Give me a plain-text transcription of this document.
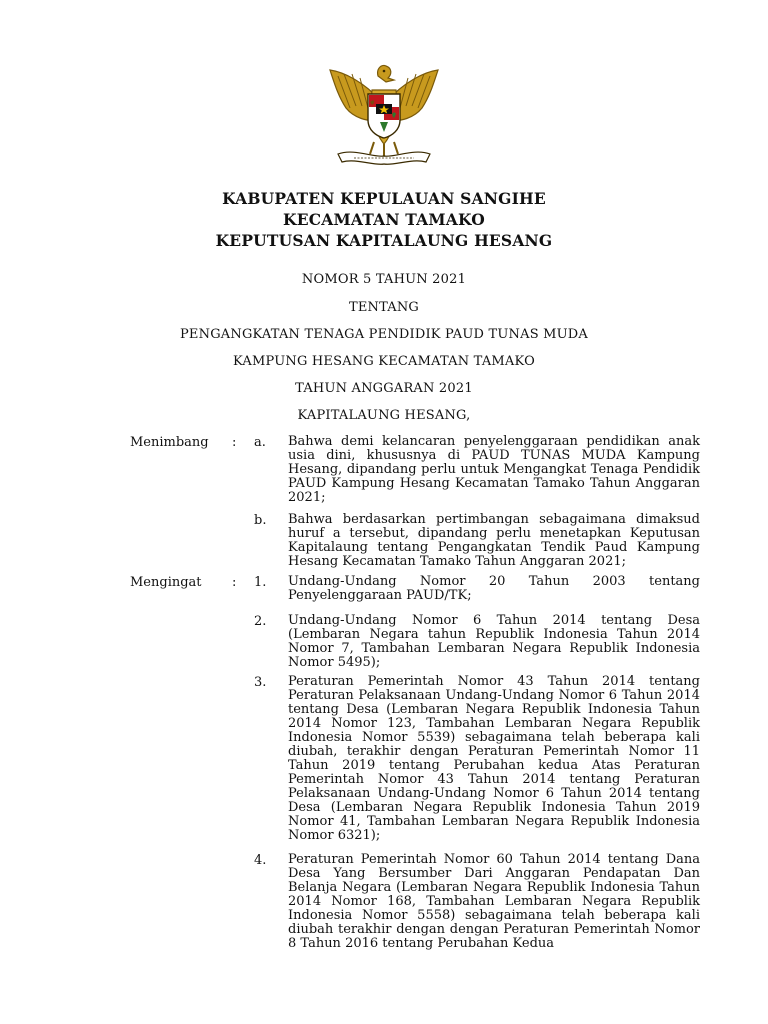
KABUPATEN KEPULAUAN SANGIHE
KECAMATAN TAMAKO
KEPUTUSAN KAPITALAUNG HESANG
NOMOR 5 TAHUN 2021
TENTANG
PENGANGKATAN TENAGA PENDIDIK PAUD TUNAS MUDA
KAMPUNG HESANG KECAMATAN TAMAKO
TAHUN ANGGARAN 2021
KAPITALAUNG HESANG,
Menimbang : a. Bahwa demi kelancaran penyelenggaraan pendidikan anak usia dini, khususnya di PAUD TUNAS MUDA Kampung Hesang, dipandang perlu untuk Mengangkat Tenaga Pendidik PAUD Kampung Hesang Kecamatan Tamako Tahun Anggaran 2021;
b. Bahwa berdasarkan pertimbangan sebagaimana dimaksud huruf a tersebut, dipandang perlu menetapkan Keputusan Kapitalaung tentang Pengangkatan Tendik Paud Kampung Hesang Kecamatan Tamako Tahun Anggaran 2021;
Mengingat : 1. Undang-Undang Nomor 20 Tahun 2003 tentang Penyelenggaraan PAUD/TK;
2. Undang-Undang Nomor 6 Tahun 2014 tentang Desa (Lembaran Negara tahun Republik Indonesia Tahun 2014 Nomor 7, Tambahan Lembaran Negara Republik Indonesia Nomor 5495);
3. Peraturan Pemerintah Nomor 43 Tahun 2014 tentang Peraturan Pelaksanaan Undang-Undang Nomor 6 Tahun 2014 tentang Desa (Lembaran Negara Republik Indonesia Tahun 2014 Nomor 123, Tambahan Lembaran Negara Republik Indonesia Nomor 5539) sebagaimana telah beberapa kali diubah, terakhir dengan Peraturan Pemerintah Nomor 11 Tahun 2019 tentang Perubahan kedua Atas Peraturan Pemerintah Nomor 43 Tahun 2014 tentang Peraturan Pelaksanaan Undang-Undang Nomor 6 Tahun 2014 tentang Desa (Lembaran Negara Republik Indonesia Tahun 2019 Nomor 41, Tambahan Lembaran Negara Republik Indonesia Nomor 6321);
4. Peraturan Pemerintah Nomor 60 Tahun 2014 tentang Dana Desa Yang Bersumber Dari Anggaran Pendapatan Dan Belanja Negara (Lembaran Negara Republik Indonesia Tahun 2014 Nomor 168, Tambahan Lembaran Negara Republik Indonesia Nomor 5558) sebagaimana telah beberapa kali diubah terakhir dengan dengan Peraturan Pemerintah Nomor 8 Tahun 2016 tentang Perubahan Kedua
